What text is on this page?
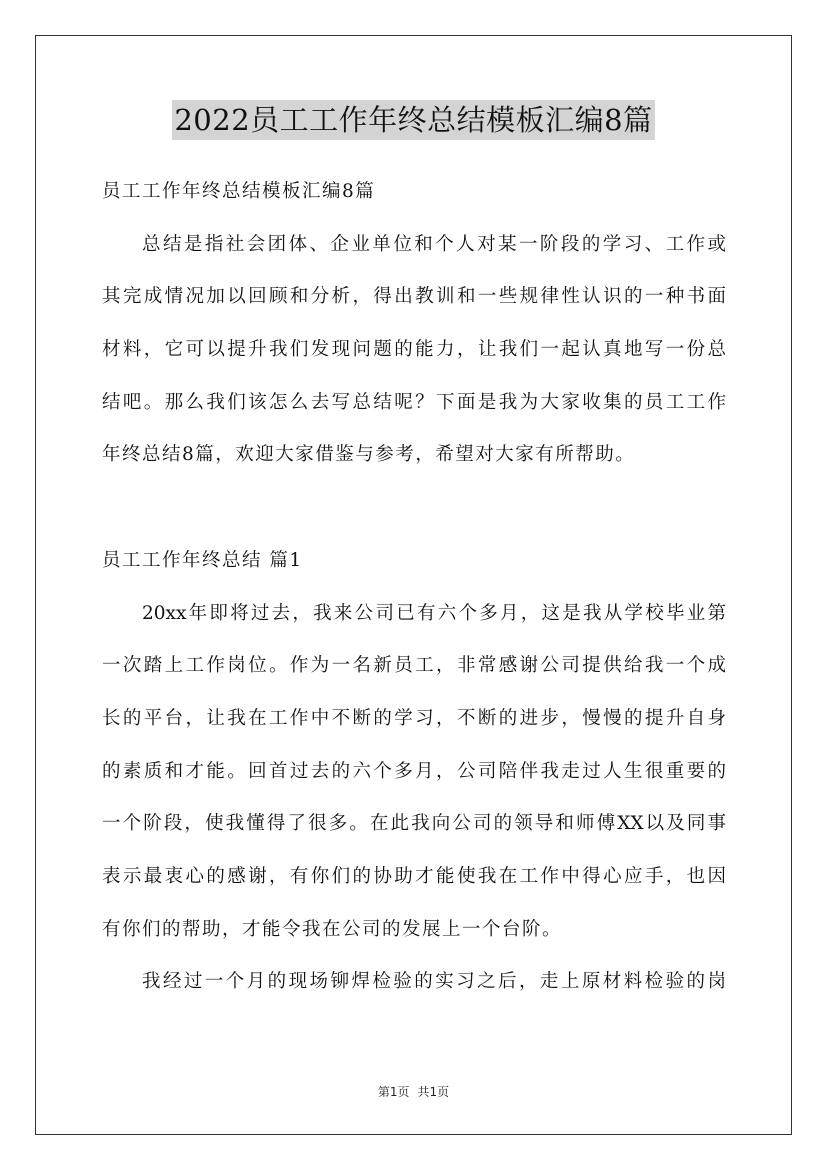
2022员工工作年终总结模板汇编8篇
员工工作年终总结模板汇编8篇
总结是指社会团体、企业单位和个人对某一阶段的学习、工作或
其完成情况加以回顾和分析，得出教训和一些规律性认识的一种书面
材料，它可以提升我们发现问题的能力，让我们一起认真地写一份总
结吧。那么我们该怎么去写总结呢？下面是我为大家收集的员工工作
年终总结8篇，欢迎大家借鉴与参考，希望对大家有所帮助。
员工工作年终总结 篇1
20xx年即将过去，我来公司已有六个多月，这是我从学校毕业第
一次踏上工作岗位。作为一名新员工，非常感谢公司提供给我一个成
长的平台，让我在工作中不断的学习，不断的进步，慢慢的提升自身
的素质和才能。回首过去的六个多月，公司陪伴我走过人生很重要的
一个阶段，使我懂得了很多。在此我向公司的领导和师傅XX以及同事
表示最衷心的感谢，有你们的协助才能使我在工作中得心应手，也因
有你们的帮助，才能令我在公司的发展上一个台阶。
我经过一个月的现场铆焊检验的实习之后，走上原材料检验的岗
第1页 共1页
